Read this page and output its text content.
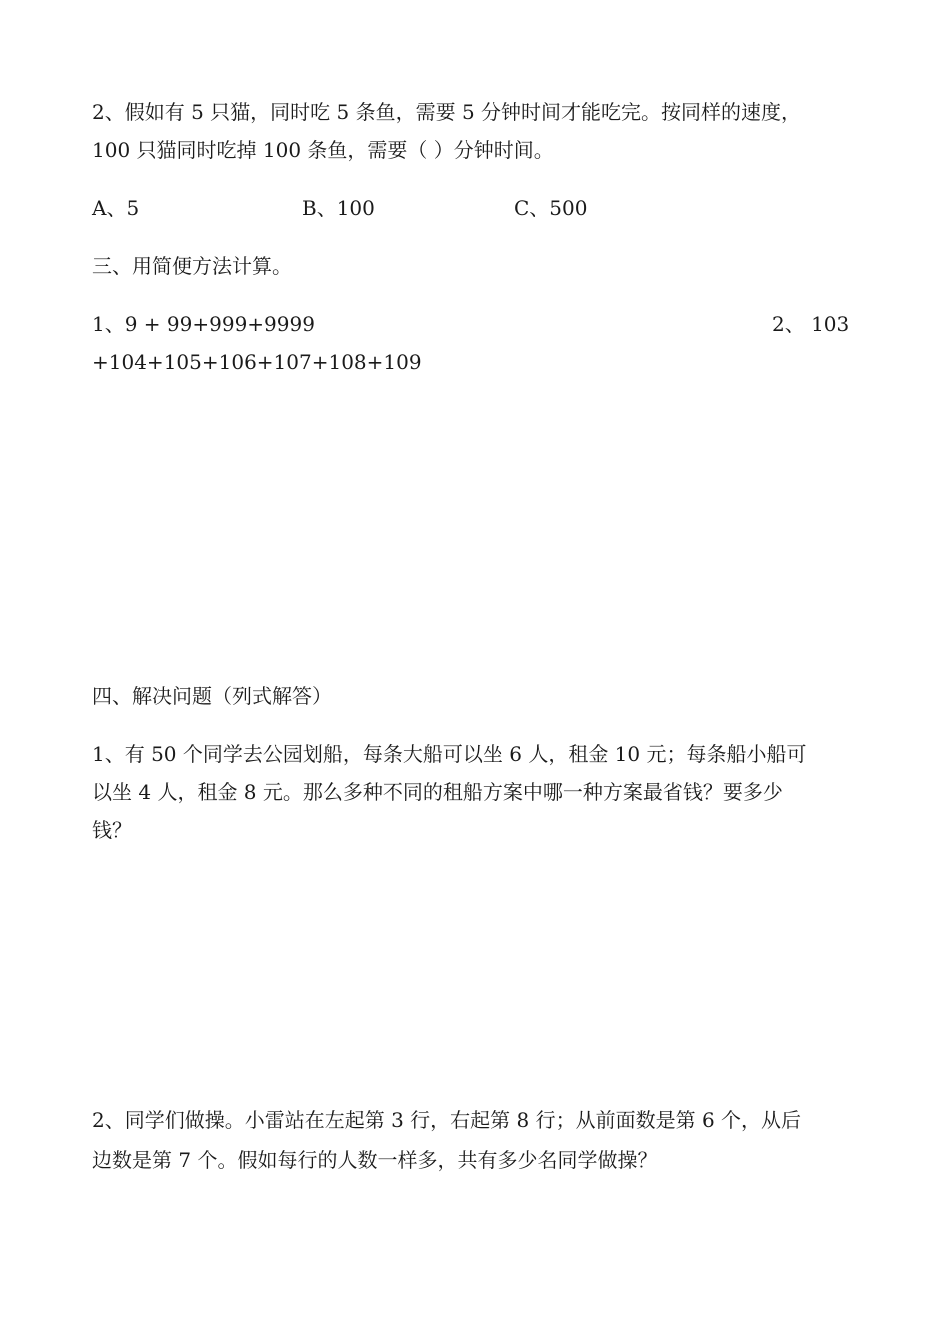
2、假如有 5 只猫，同时吃 5 条鱼，需要 5 分钟时间才能吃完。按同样的速度，
100 只猫同时吃掉 100 条鱼，需要（ ）分钟时间。
A、5	B、100	C、500
三、用简便方法计算。
1、9 + 99+999+9999	2、 103
+104+105+106+107+108+109
四、解决问题（列式解答）
1、有 50 个同学去公园划船，每条大船可以坐 6 人，租金 10 元；每条船小船可
以坐 4 人，租金 8 元。那么多种不同的租船方案中哪一种方案最省钱？要多少
钱？
2、同学们做操。小雷站在左起第 3 行，右起第 8 行；从前面数是第 6 个，从后
边数是第 7 个。假如每行的人数一样多，共有多少名同学做操？
